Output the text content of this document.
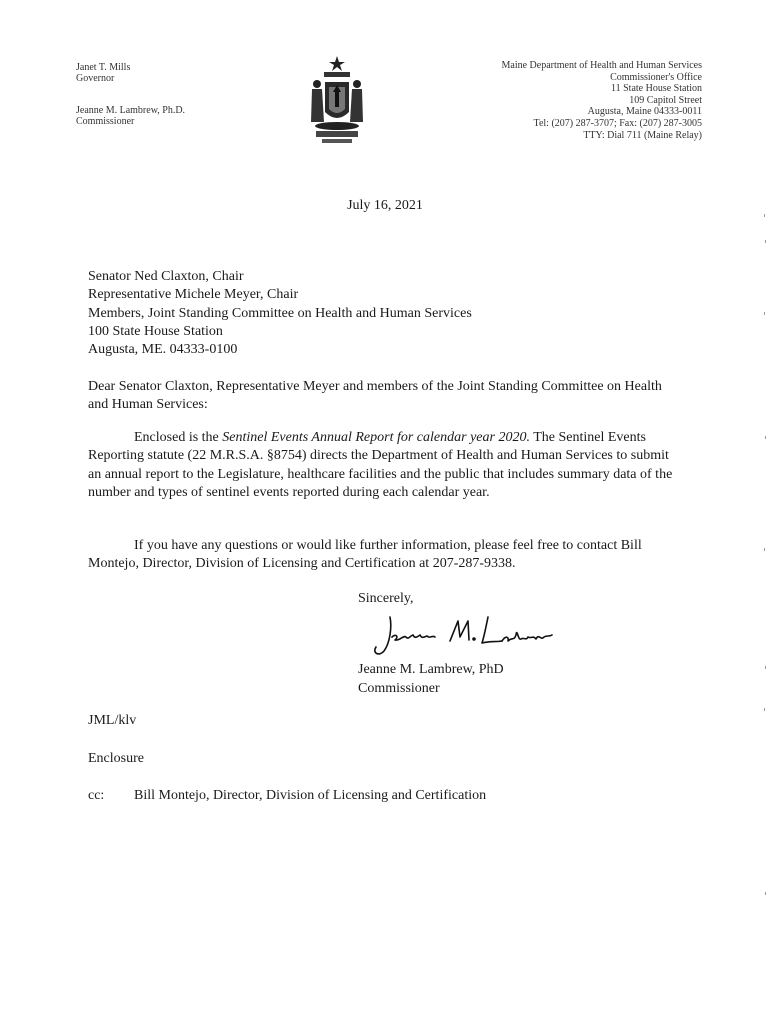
Janet T. Mills
Governor
Jeanne M. Lambrew, Ph.D.
Commissioner
Maine Department of Health and Human Services
Commissioner's Office
11 State House Station
109 Capitol Street
Augusta, Maine 04333-0011
Tel: (207) 287-3707; Fax: (207) 287-3005
TTY: Dial 711 (Maine Relay)
July 16, 2021
Senator Ned Claxton, Chair
Representative Michele Meyer, Chair
Members, Joint Standing Committee on Health and Human Services
100 State House Station
Augusta, ME. 04333-0100
Dear Senator Claxton, Representative Meyer and members of the Joint Standing Committee on Health and Human Services:
Enclosed is the Sentinel Events Annual Report for calendar year 2020. The Sentinel Events Reporting statute (22 M.R.S.A. §8754) directs the Department of Health and Human Services to submit an annual report to the Legislature, healthcare facilities and the public that includes summary data of the number and types of sentinel events reported during each calendar year.
If you have any questions or would like further information, please feel free to contact Bill Montejo, Director, Division of Licensing and Certification at 207-287-9338.
Sincerely,
Jeanne M. Lambrew, PhD
Commissioner
JML/klv
Enclosure
cc: Bill Montejo, Director, Division of Licensing and Certification
